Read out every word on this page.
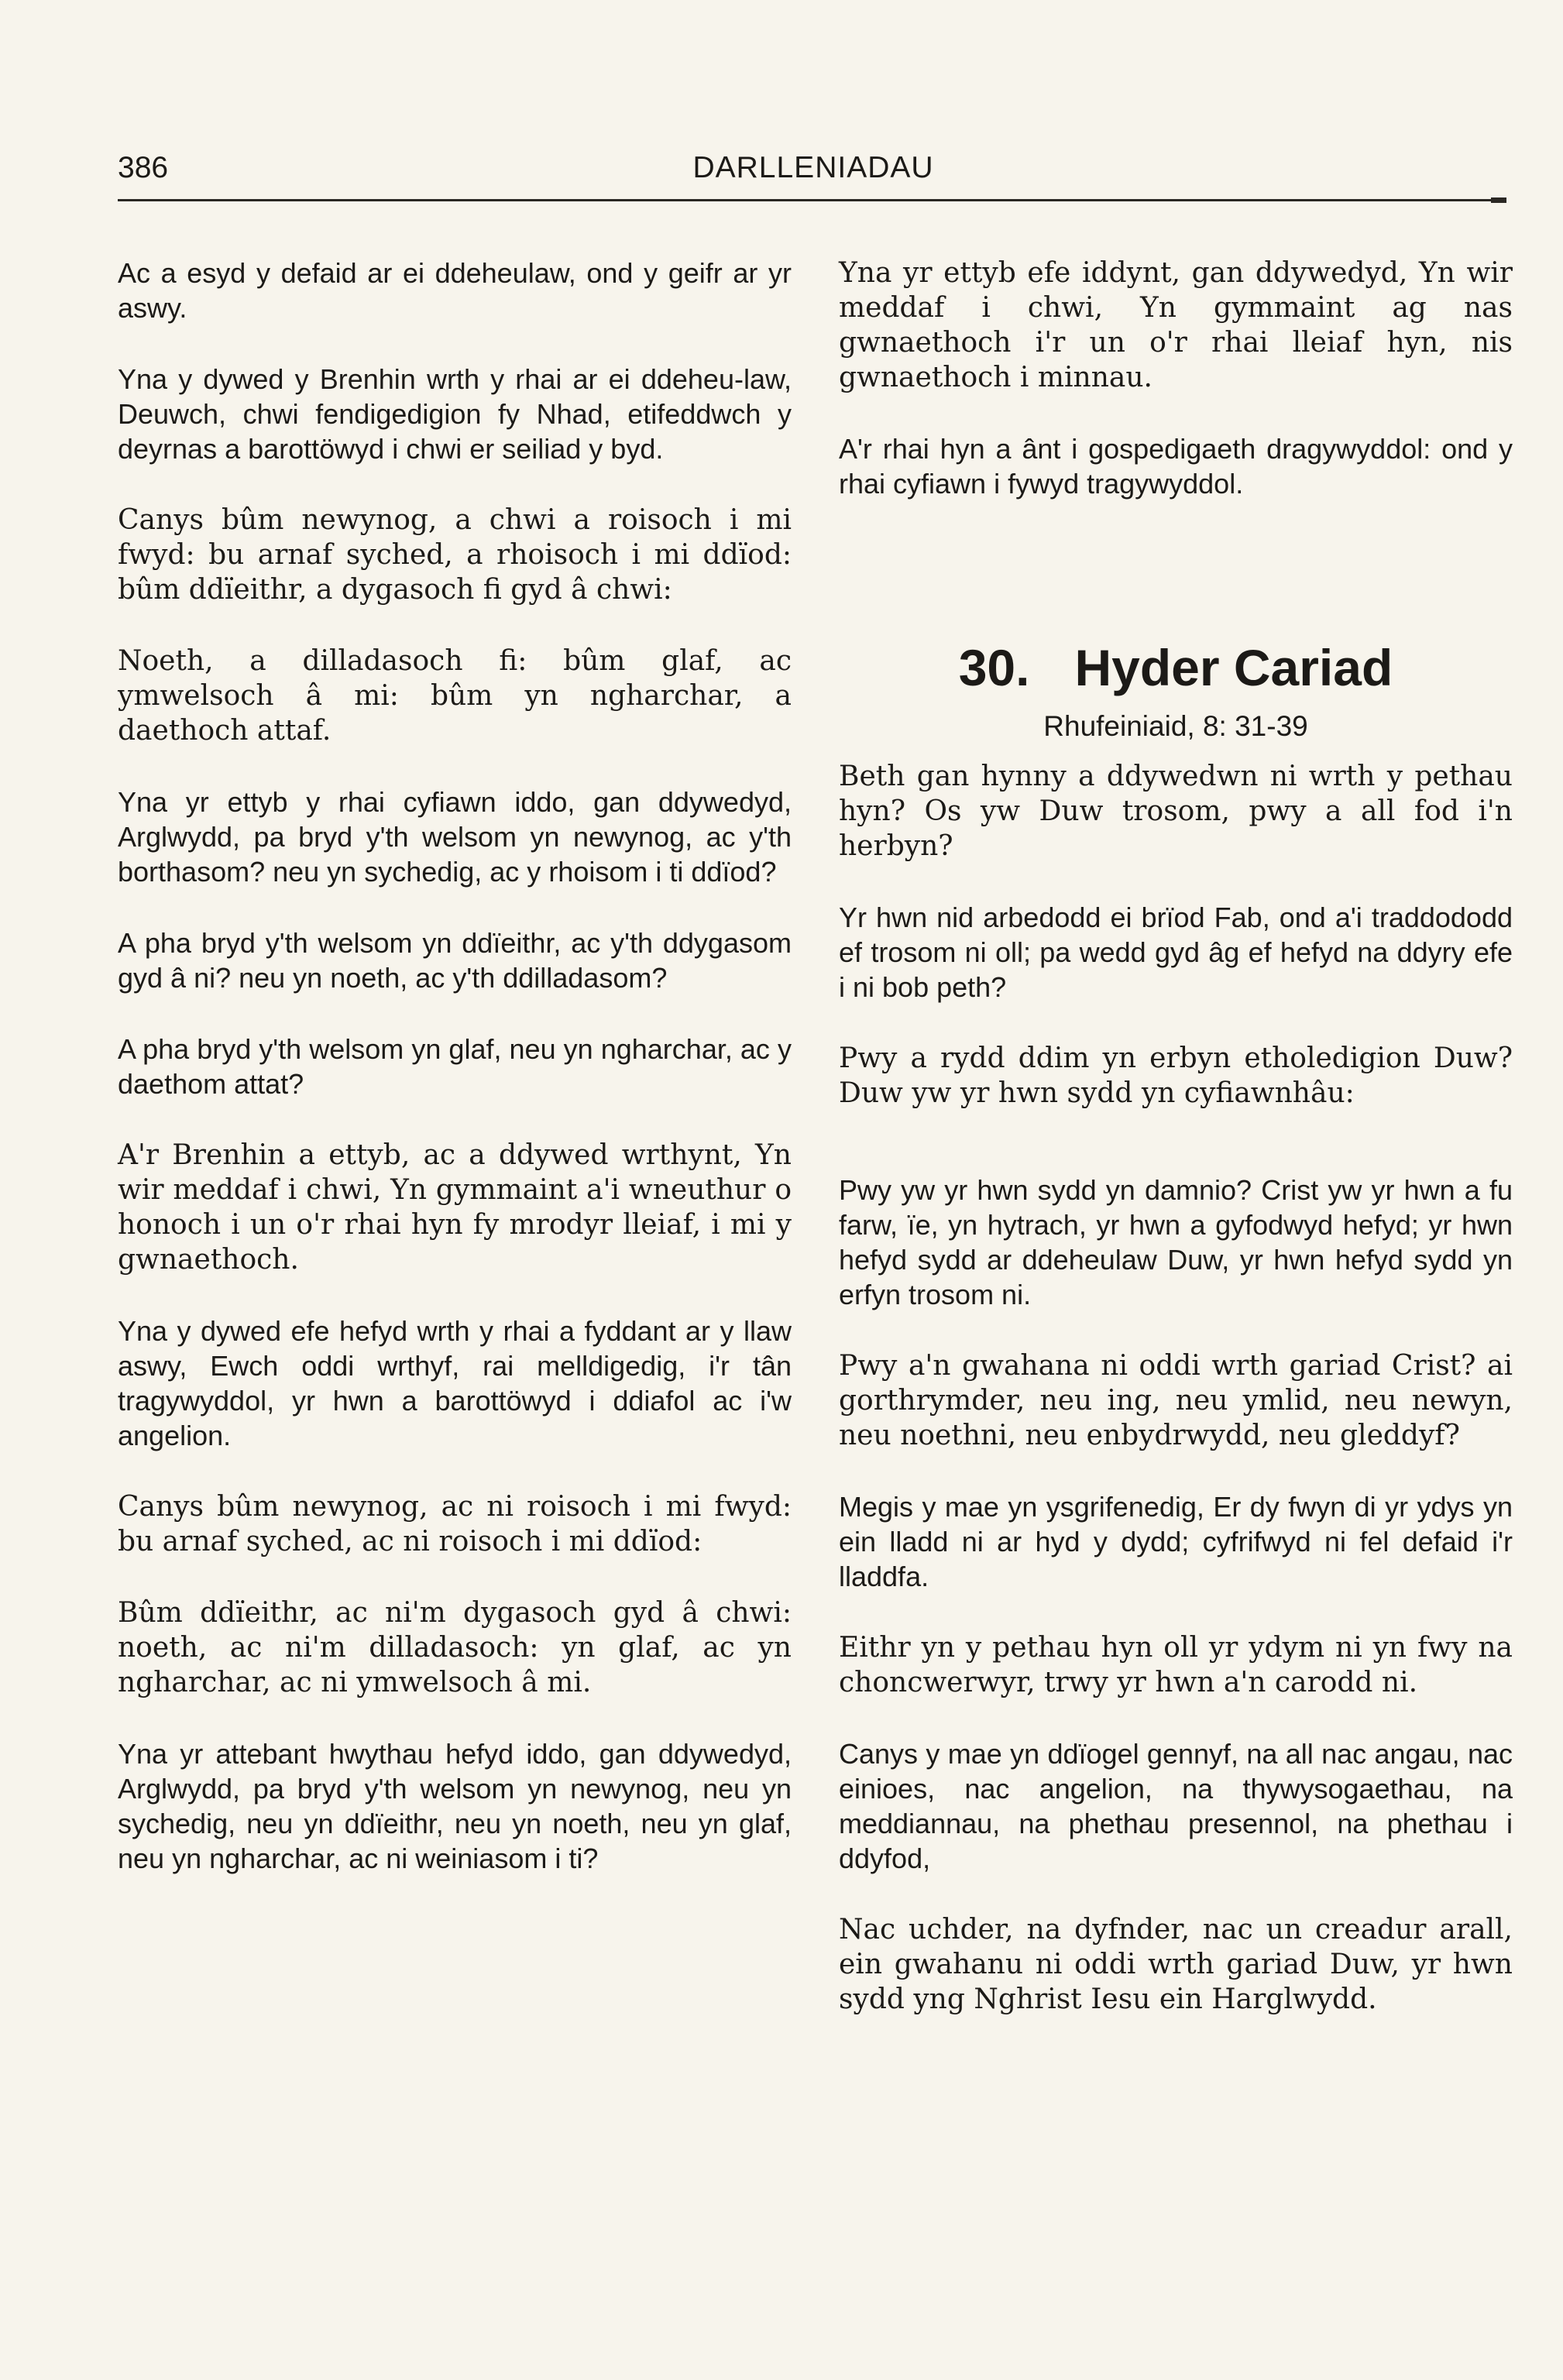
386	DARLLENIADAU

Ac a esyd y defaid ar ei ddeheulaw, ond y geifr ar yr aswy.

Yna y dywed y Brenhin wrth y rhai ar ei ddeheu-law, Deuwch, chwi fendigedigion fy Nhad, etifeddwch y deyrnas a barottöwyd i chwi er seiliad y byd.

Canys bûm newynog, a chwi a roisoch i mi fwyd: bu arnaf syched, a rhoisoch i mi ddïod: bûm ddïeithr, a dygasoch fi gyd â chwi:

Noeth, a dilladasoch fi: bûm glaf, ac ymwelsoch â mi: bûm yn ngharchar, a daethoch attaf.

Yna yr ettyb y rhai cyfiawn iddo, gan ddywedyd, Arglwydd, pa bryd y'th welsom yn newynog, ac y'th borthasom? neu yn sychedig, ac y rhoisom i ti ddïod?

A pha bryd y'th welsom yn ddïeithr, ac y'th ddygasom gyd â ni? neu yn noeth, ac y'th ddilladasom?

A pha bryd y'th welsom yn glaf, neu yn ngharchar, ac y daethom attat?

A'r Brenhin a ettyb, ac a ddywed wrthynt, Yn wir meddaf i chwi, Yn gymmaint a'i wneuthur o honoch i un o'r rhai hyn fy mrodyr lleiaf, i mi y gwnaethoch.

Yna y dywed efe hefyd wrth y rhai a fyddant ar y llaw aswy, Ewch oddi wrthyf, rai melldigedig, i'r tân tragywyddol, yr hwn a barottöwyd i ddiafol ac i'w angelion.

Canys bûm newynog, ac ni roisoch i mi fwyd: bu arnaf syched, ac ni roisoch i mi ddïod:

Bûm ddïeithr, ac ni'm dygasoch gyd â chwi: noeth, ac ni'm dilladasoch: yn glaf, ac yn ngharchar, ac ni ymwelsoch â mi.

Yna yr attebant hwythau hefyd iddo, gan ddywedyd, Arglwydd, pa bryd y'th welsom yn newynog, neu yn sychedig, neu yn ddïeithr, neu yn noeth, neu yn glaf, neu yn ngharchar, ac ni weiniasom i ti?

Yna yr ettyb efe iddynt, gan ddywedyd, Yn wir meddaf i chwi, Yn gymmaint ag nas gwnaethoch i'r un o'r rhai lleiaf hyn, nis gwnaethoch i minnau.

A'r rhai hyn a ânt i gospedigaeth dragywyddol: ond y rhai cyfiawn i fywyd tragywyddol.

30. Hyder Cariad
Rhufeiniaid, 8: 31-39

Beth gan hynny a ddywedwn ni wrth y pethau hyn? Os yw Duw trosom, pwy a all fod i'n herbyn?

Yr hwn nid arbedodd ei brïod Fab, ond a'i traddododd ef trosom ni oll; pa wedd gyd âg ef hefyd na ddyry efe i ni bob peth?

Pwy a rydd ddim yn erbyn etholedigion Duw? Duw yw yr hwn sydd yn cyfiawnhâu:

Pwy yw yr hwn sydd yn damnio? Crist yw yr hwn a fu farw, ïe, yn hytrach, yr hwn a gyfodwyd hefyd; yr hwn hefyd sydd ar ddeheulaw Duw, yr hwn hefyd sydd yn erfyn trosom ni.

Pwy a'n gwahana ni oddi wrth gariad Crist? ai gorthrymder, neu ing, neu ymlid, neu newyn, neu noethni, neu enbydrwydd, neu gleddyf?

Megis y mae yn ysgrifenedig, Er dy fwyn di yr ydys yn ein lladd ni ar hyd y dydd; cyfrifwyd ni fel defaid i'r lladdfa.

Eithr yn y pethau hyn oll yr ydym ni yn fwy na choncwerwyr, trwy yr hwn a'n carodd ni.

Canys y mae yn ddïogel gennyf, na all nac angau, nac einioes, nac angelion, na thywysogaethau, na meddiannau, na phethau presennol, na phethau i ddyfod,

Nac uchder, na dyfnder, nac un creadur arall, ein gwahanu ni oddi wrth gariad Duw, yr hwn sydd yng Nghrist Iesu ein Harglwydd.
